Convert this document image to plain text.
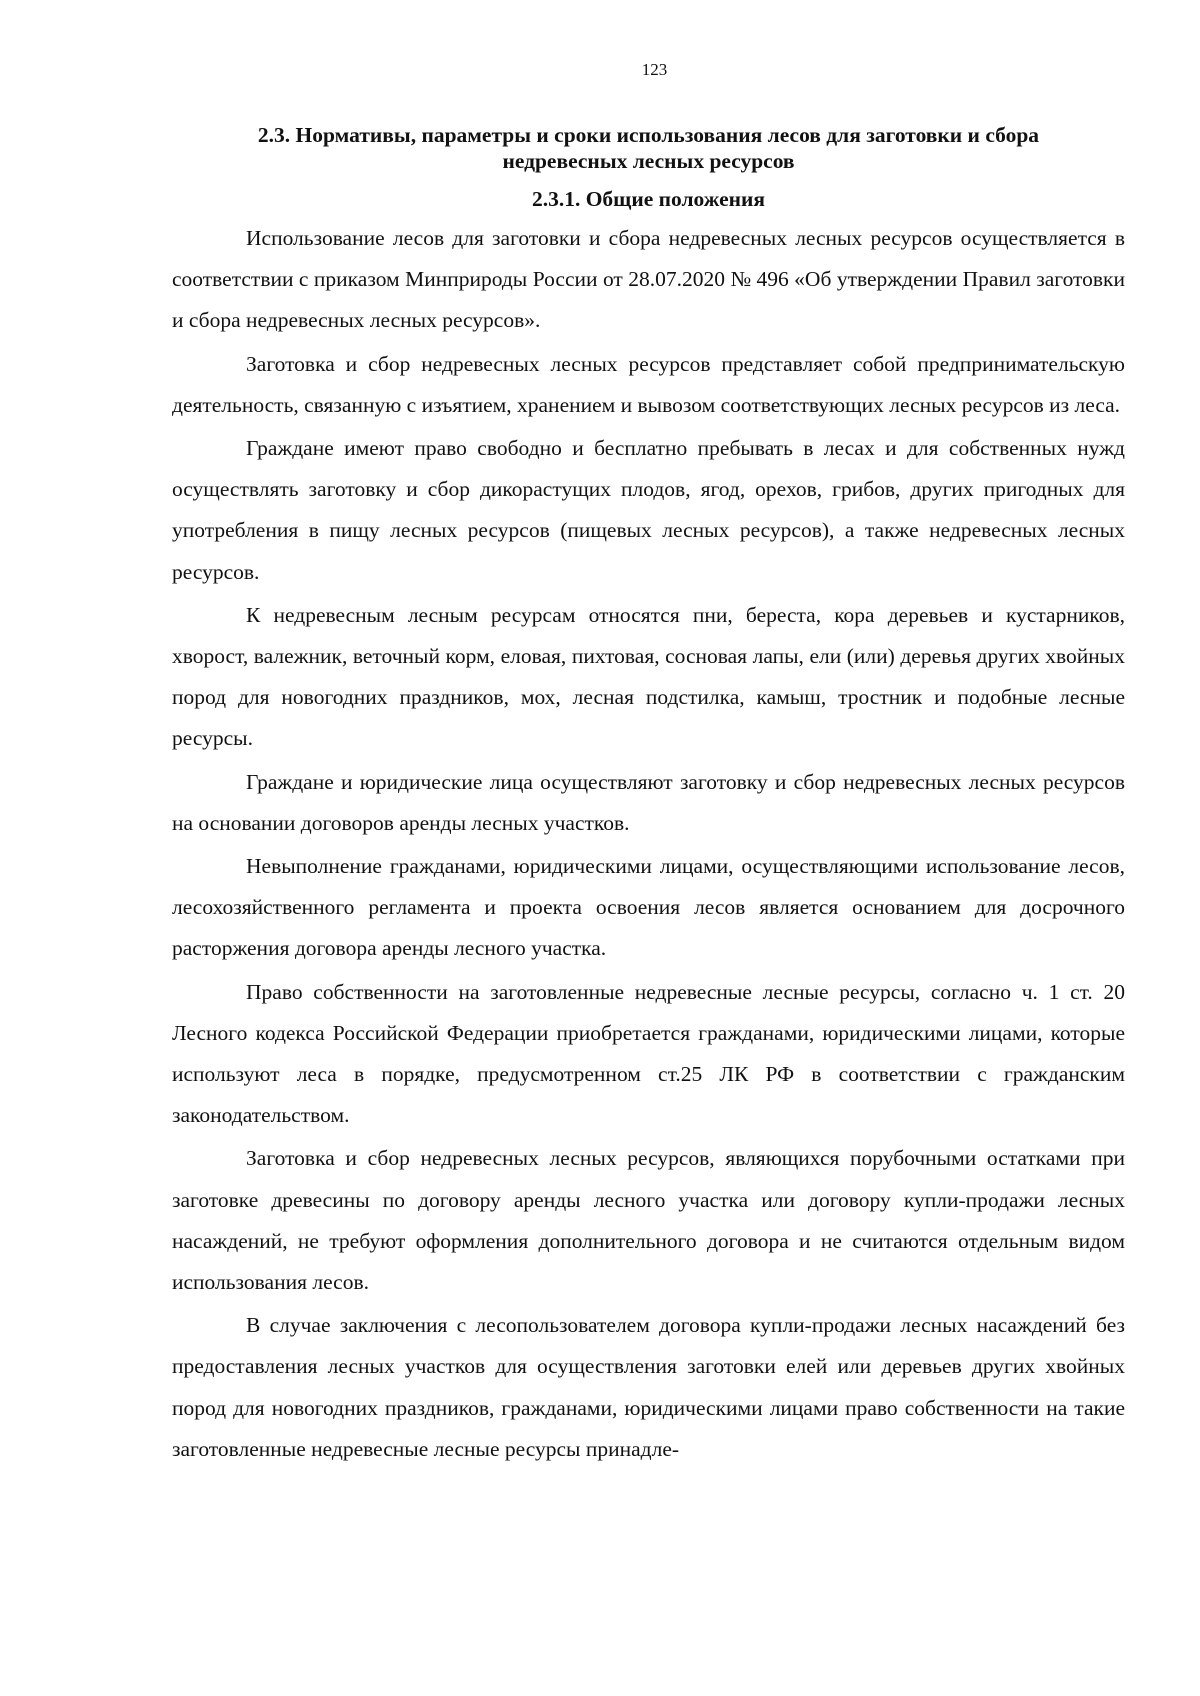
123
2.3. Нормативы, параметры и сроки использования лесов для заготовки и сбора
недревесных лесных ресурсов
2.3.1. Общие положения

Использование лесов для заготовки и сбора недревесных лесных ресурсов осуществляется в соответствии с приказом Минприроды России от 28.07.2020 № 496 «Об утверждении Правил заготовки и сбора недревесных лесных ресурсов».

Заготовка и сбор недревесных лесных ресурсов представляет собой предпринимательскую деятельность, связанную с изъятием, хранением и вывозом соответствующих лесных ресурсов из леса.

Граждане имеют право свободно и бесплатно пребывать в лесах и для собственных нужд осуществлять заготовку и сбор дикорастущих плодов, ягод, орехов, грибов, других пригодных для употребления в пищу лесных ресурсов (пищевых лесных ресурсов), а также недревесных лесных ресурсов.

К недревесным лесным ресурсам относятся пни, береста, кора деревьев и кустарников, хворост, валежник, веточный корм, еловая, пихтовая, сосновая лапы, ели (или) деревья других хвойных пород для новогодних праздников, мох, лесная подстилка, камыш, тростник и подобные лесные ресурсы.

Граждане и юридические лица осуществляют заготовку и сбор недревесных лесных ресурсов на основании договоров аренды лесных участков.

Невыполнение гражданами, юридическими лицами, осуществляющими использование лесов, лесохозяйственного регламента и проекта освоения лесов является основанием для досрочного расторжения договора аренды лесного участка.

Право собственности на заготовленные недревесные лесные ресурсы, согласно ч. 1 ст. 20 Лесного кодекса Российской Федерации приобретается гражданами, юридическими лицами, которые используют леса в порядке, предусмотренном ст.25 ЛК РФ в соответствии с гражданским законодательством.

Заготовка и сбор недревесных лесных ресурсов, являющихся порубочными остатками при заготовке древесины по договору аренды лесного участка или договору купли-продажи лесных насаждений, не требуют оформления дополнительного договора и не считаются отдельным видом использования лесов.

В случае заключения с лесопользователем договора купли-продажи лесных насаждений без предоставления лесных участков для осуществления заготовки елей или деревьев других хвойных пород для новогодних праздников, гражданами, юридическими лицами право собственности на такие заготовленные недревесные лесные ресурсы принадле-
